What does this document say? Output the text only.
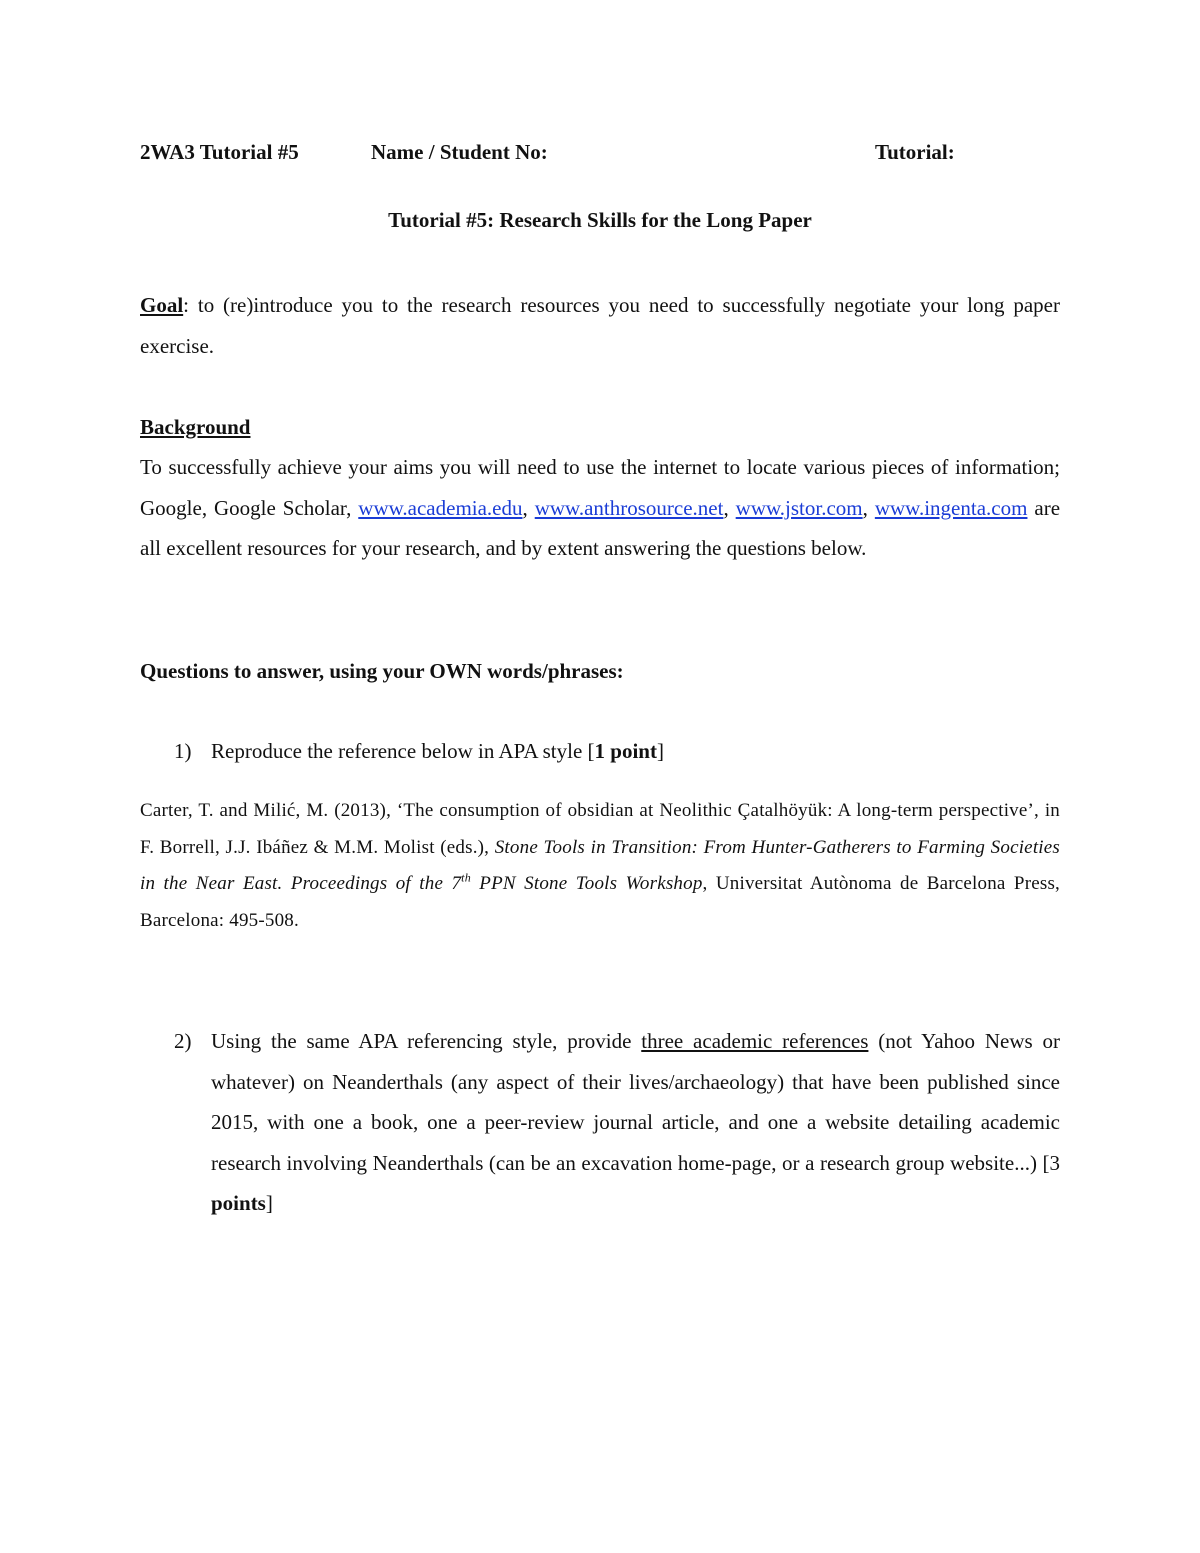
2WA3 Tutorial #5	Name / Student No:	Tutorial:
Tutorial #5: Research Skills for the Long Paper
Goal: to (re)introduce you to the research resources you need to successfully negotiate your long paper exercise.
Background
To successfully achieve your aims you will need to use the internet to locate various pieces of information; Google, Google Scholar, www.academia.edu, www.anthrosource.net, www.jstor.com, www.ingenta.com are all excellent resources for your research, and by extent answering the questions below.
Questions to answer, using your OWN words/phrases:
1) Reproduce the reference below in APA style [1 point]
Carter, T. and Milić, M. (2013), ‘The consumption of obsidian at Neolithic Çatalhöyük: A long-term perspective’, in F. Borrell, J.J. Ibáñez & M.M. Molist (eds.), Stone Tools in Transition: From Hunter-Gatherers to Farming Societies in the Near East. Proceedings of the 7th PPN Stone Tools Workshop, Universitat Autònoma de Barcelona Press, Barcelona: 495-508.
2) Using the same APA referencing style, provide three academic references (not Yahoo News or whatever) on Neanderthals (any aspect of their lives/archaeology) that have been published since 2015, with one a book, one a peer-review journal article, and one a website detailing academic research involving Neanderthals (can be an excavation home-page, or a research group website...) [3 points]
